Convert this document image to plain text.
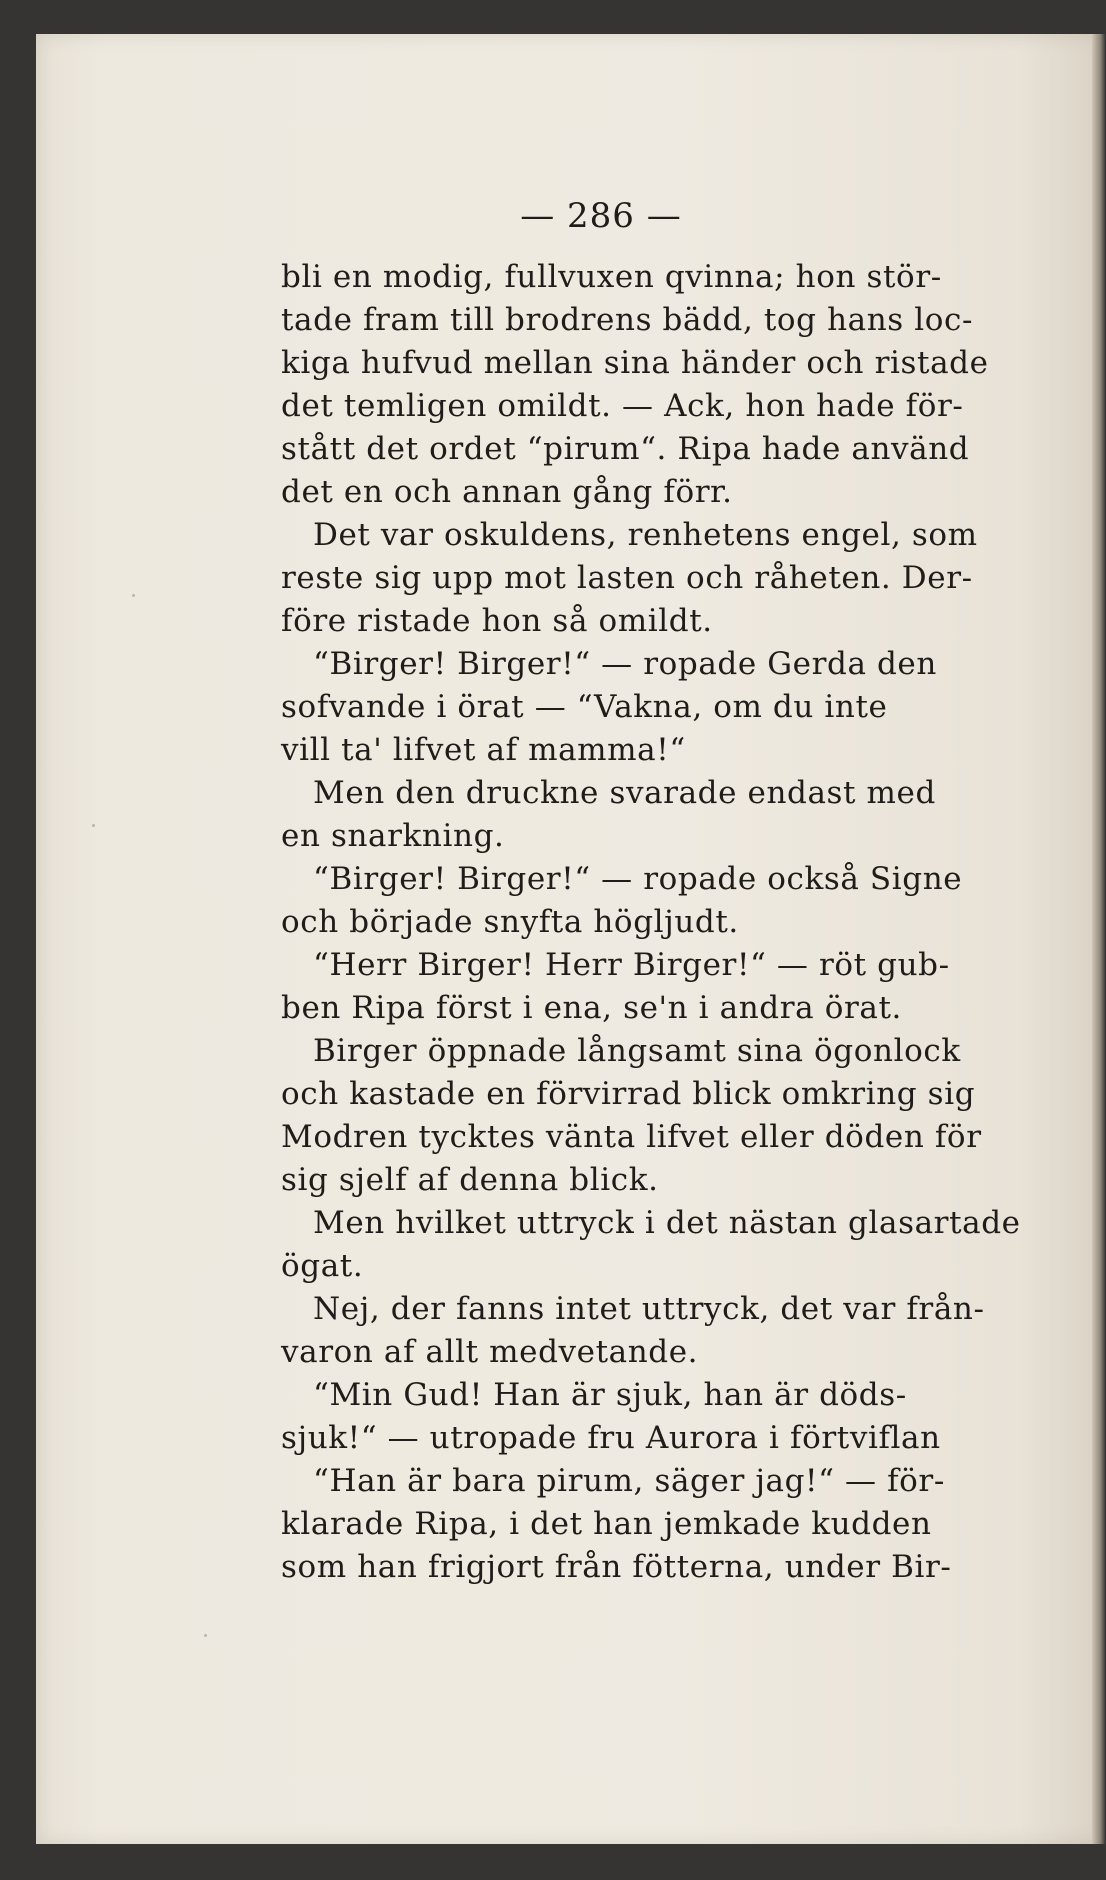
— 286 —
bli en modig, fullvuxen qvinna; hon stör-
tade fram till brodrens bädd, tog hans loc-
kiga hufvud mellan sina händer och ristade
det temligen omildt. — Ack, hon hade för-
stått det ordet “pirum“. Ripa hade använd
det en och annan gång förr.
Det var oskuldens, renhetens engel, som
reste sig upp mot lasten och råheten. Der-
före ristade hon så omildt.
“Birger! Birger!“ — ropade Gerda den
sofvande i örat — “Vakna, om du inte
vill ta' lifvet af mamma!“
Men den druckne svarade endast med
en snarkning.
“Birger! Birger!“ — ropade också Signe
och började snyfta högljudt.
“Herr Birger! Herr Birger!“ — röt gub-
ben Ripa först i ena, se'n i andra örat.
Birger öppnade långsamt sina ögonlock
och kastade en förvirrad blick omkring sig
Modren tycktes vänta lifvet eller döden för
sig sjelf af denna blick.
Men hvilket uttryck i det nästan glasartade
ögat.
Nej, der fanns intet uttryck, det var från-
varon af allt medvetande.
“Min Gud! Han är sjuk, han är döds-
sjuk!“ — utropade fru Aurora i förtviflan
“Han är bara pirum, säger jag!“ — för-
klarade Ripa, i det han jemkade kudden
som han frigjort från fötterna, under Bir-
